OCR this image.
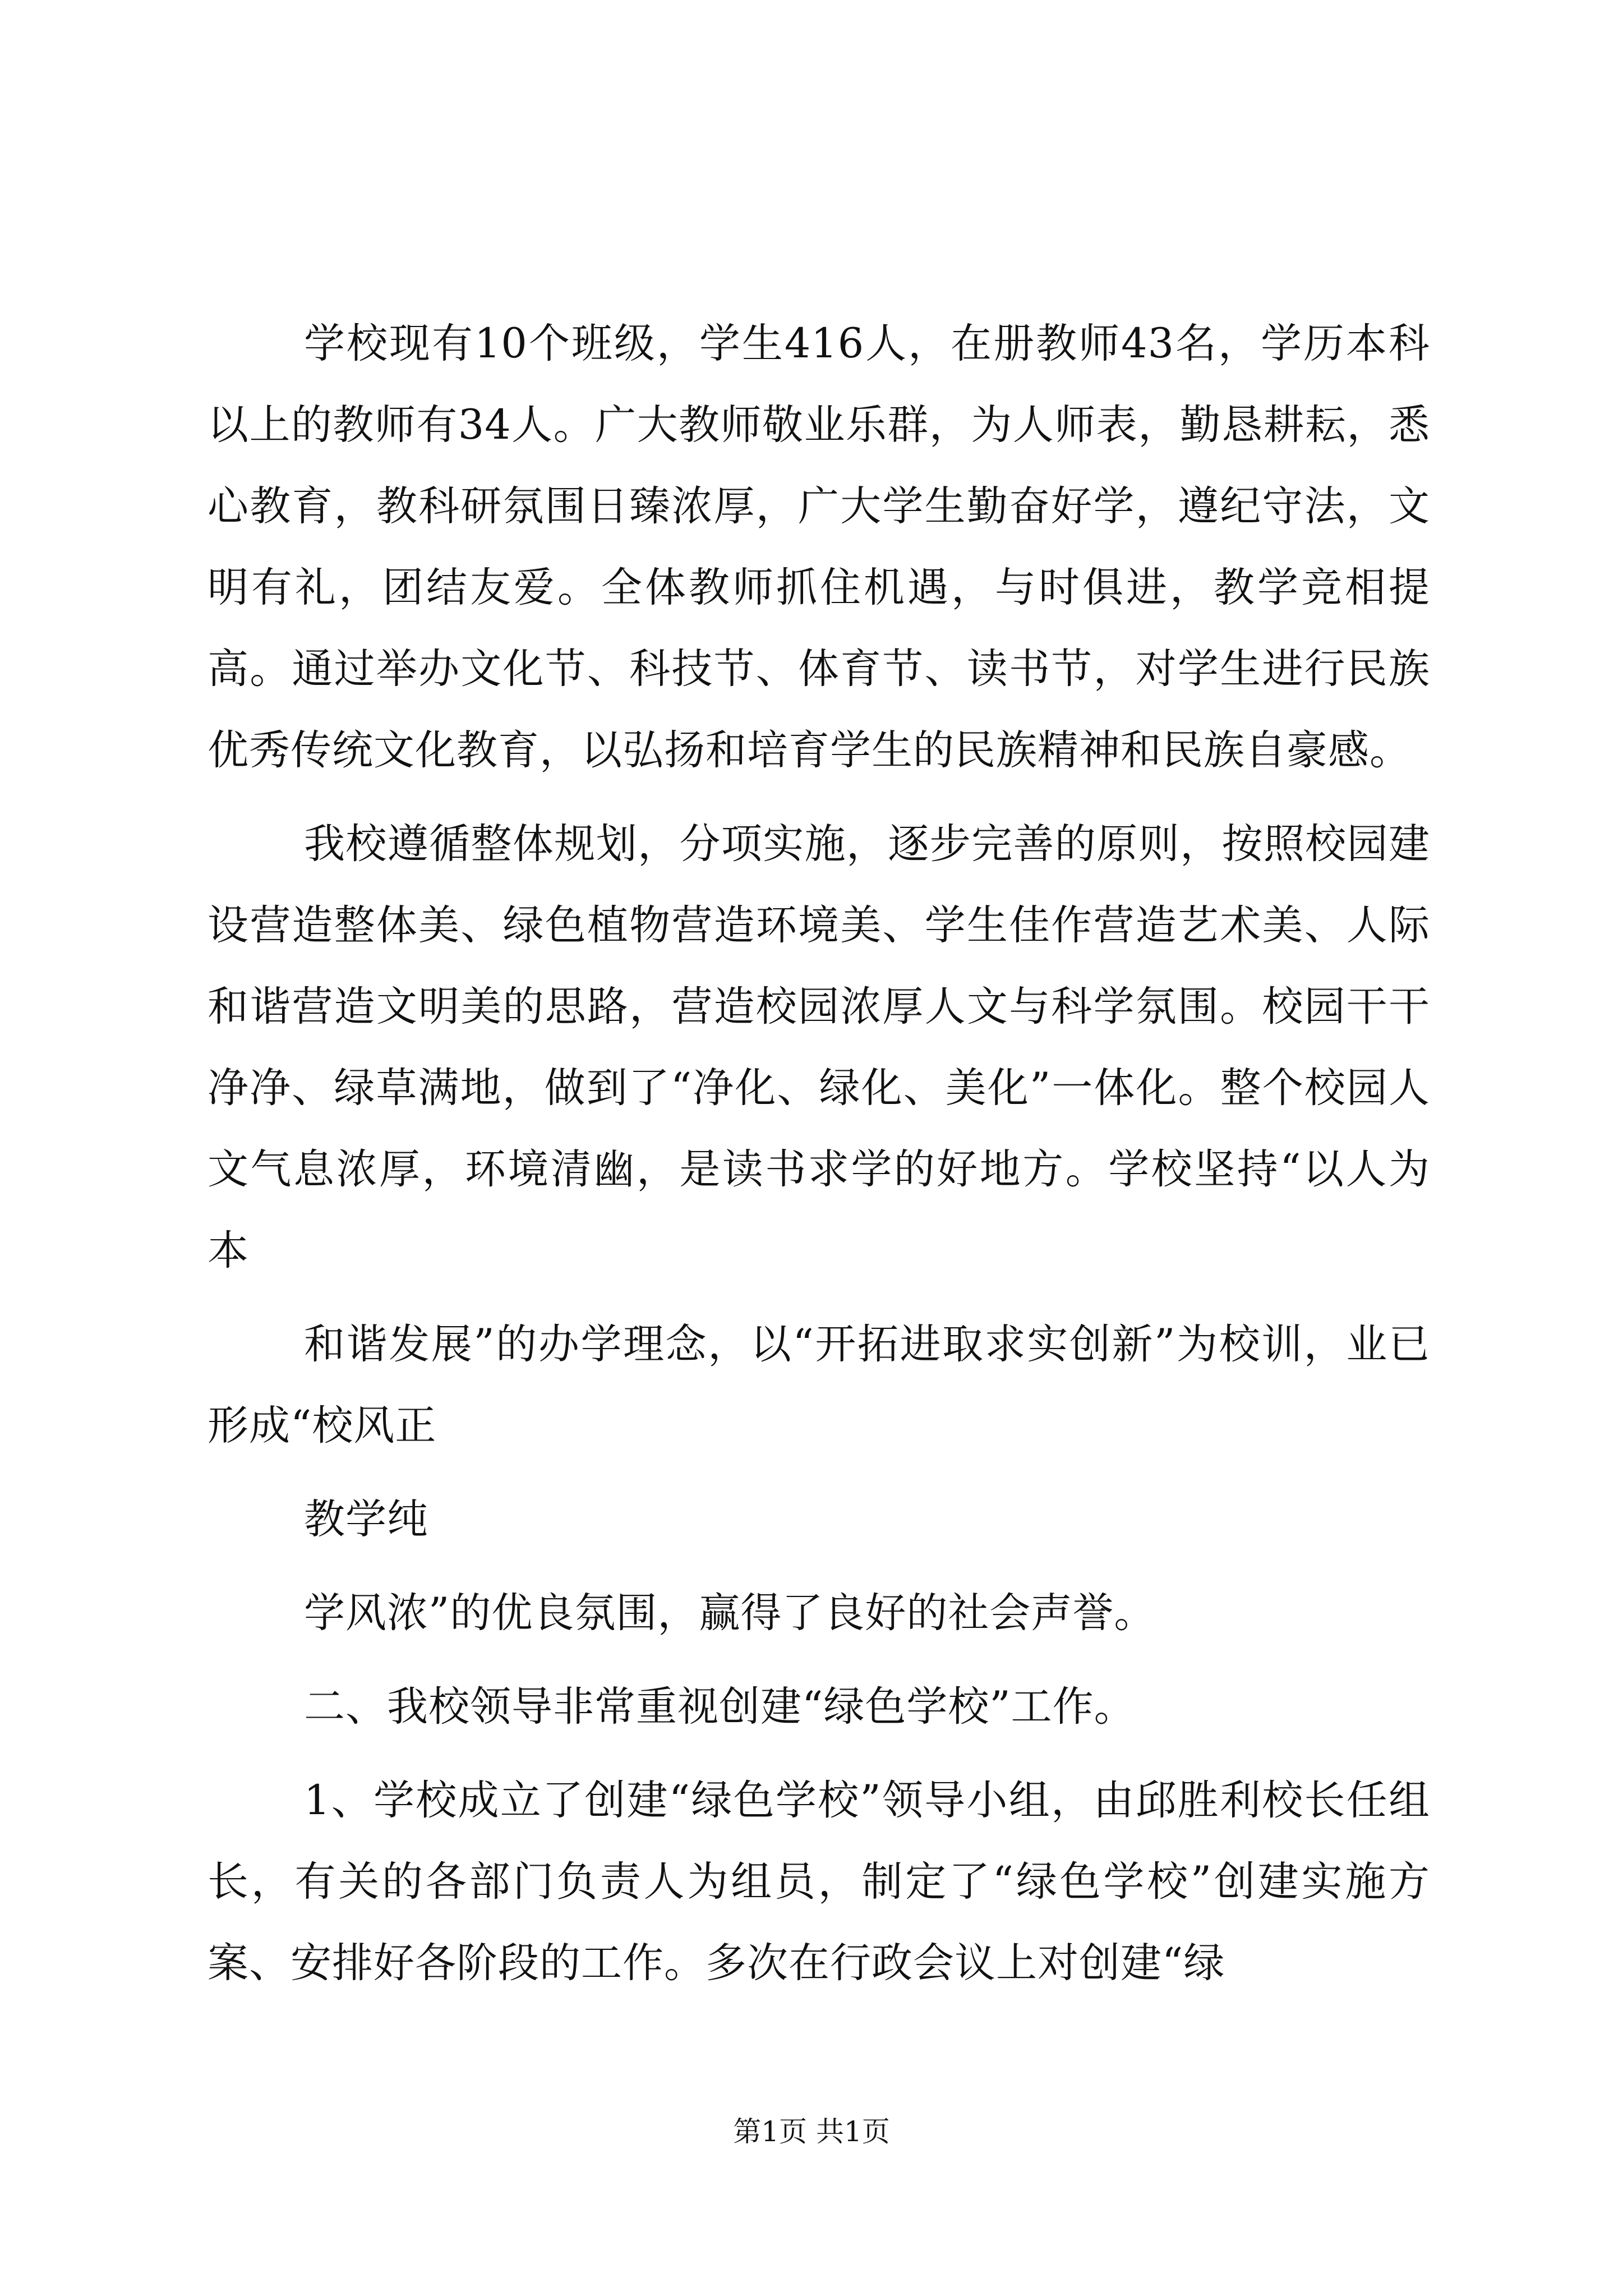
学校现有10个班级，学生416人，在册教师43名，学历本科以上的教师有34人。广大教师敬业乐群，为人师表，勤恳耕耘，悉心教育，教科研氛围日臻浓厚，广大学生勤奋好学，遵纪守法，文明有礼，团结友爱。全体教师抓住机遇，与时俱进，教学竞相提高。通过举办文化节、科技节、体育节、读书节，对学生进行民族优秀传统文化教育，以弘扬和培育学生的民族精神和民族自豪感。

我校遵循整体规划，分项实施，逐步完善的原则，按照校园建设营造整体美、绿色植物营造环境美、学生佳作营造艺术美、人际和谐营造文明美的思路，营造校园浓厚人文与科学氛围。校园干干净净、绿草满地，做到了“净化、绿化、美化”一体化。整个校园人文气息浓厚，环境清幽，是读书求学的好地方。学校坚持“以人为本

和谐发展”的办学理念，以“开拓进取求实创新”为校训，业已形成“校风正

教学纯

学风浓”的优良氛围，赢得了良好的社会声誉。

二、我校领导非常重视创建“绿色学校”工作。

1、学校成立了创建“绿色学校”领导小组，由邱胜利校长任组长，有关的各部门负责人为组员，制定了“绿色学校”创建实施方案、安排好各阶段的工作。多次在行政会议上对创建“绿

第1页 共1页
